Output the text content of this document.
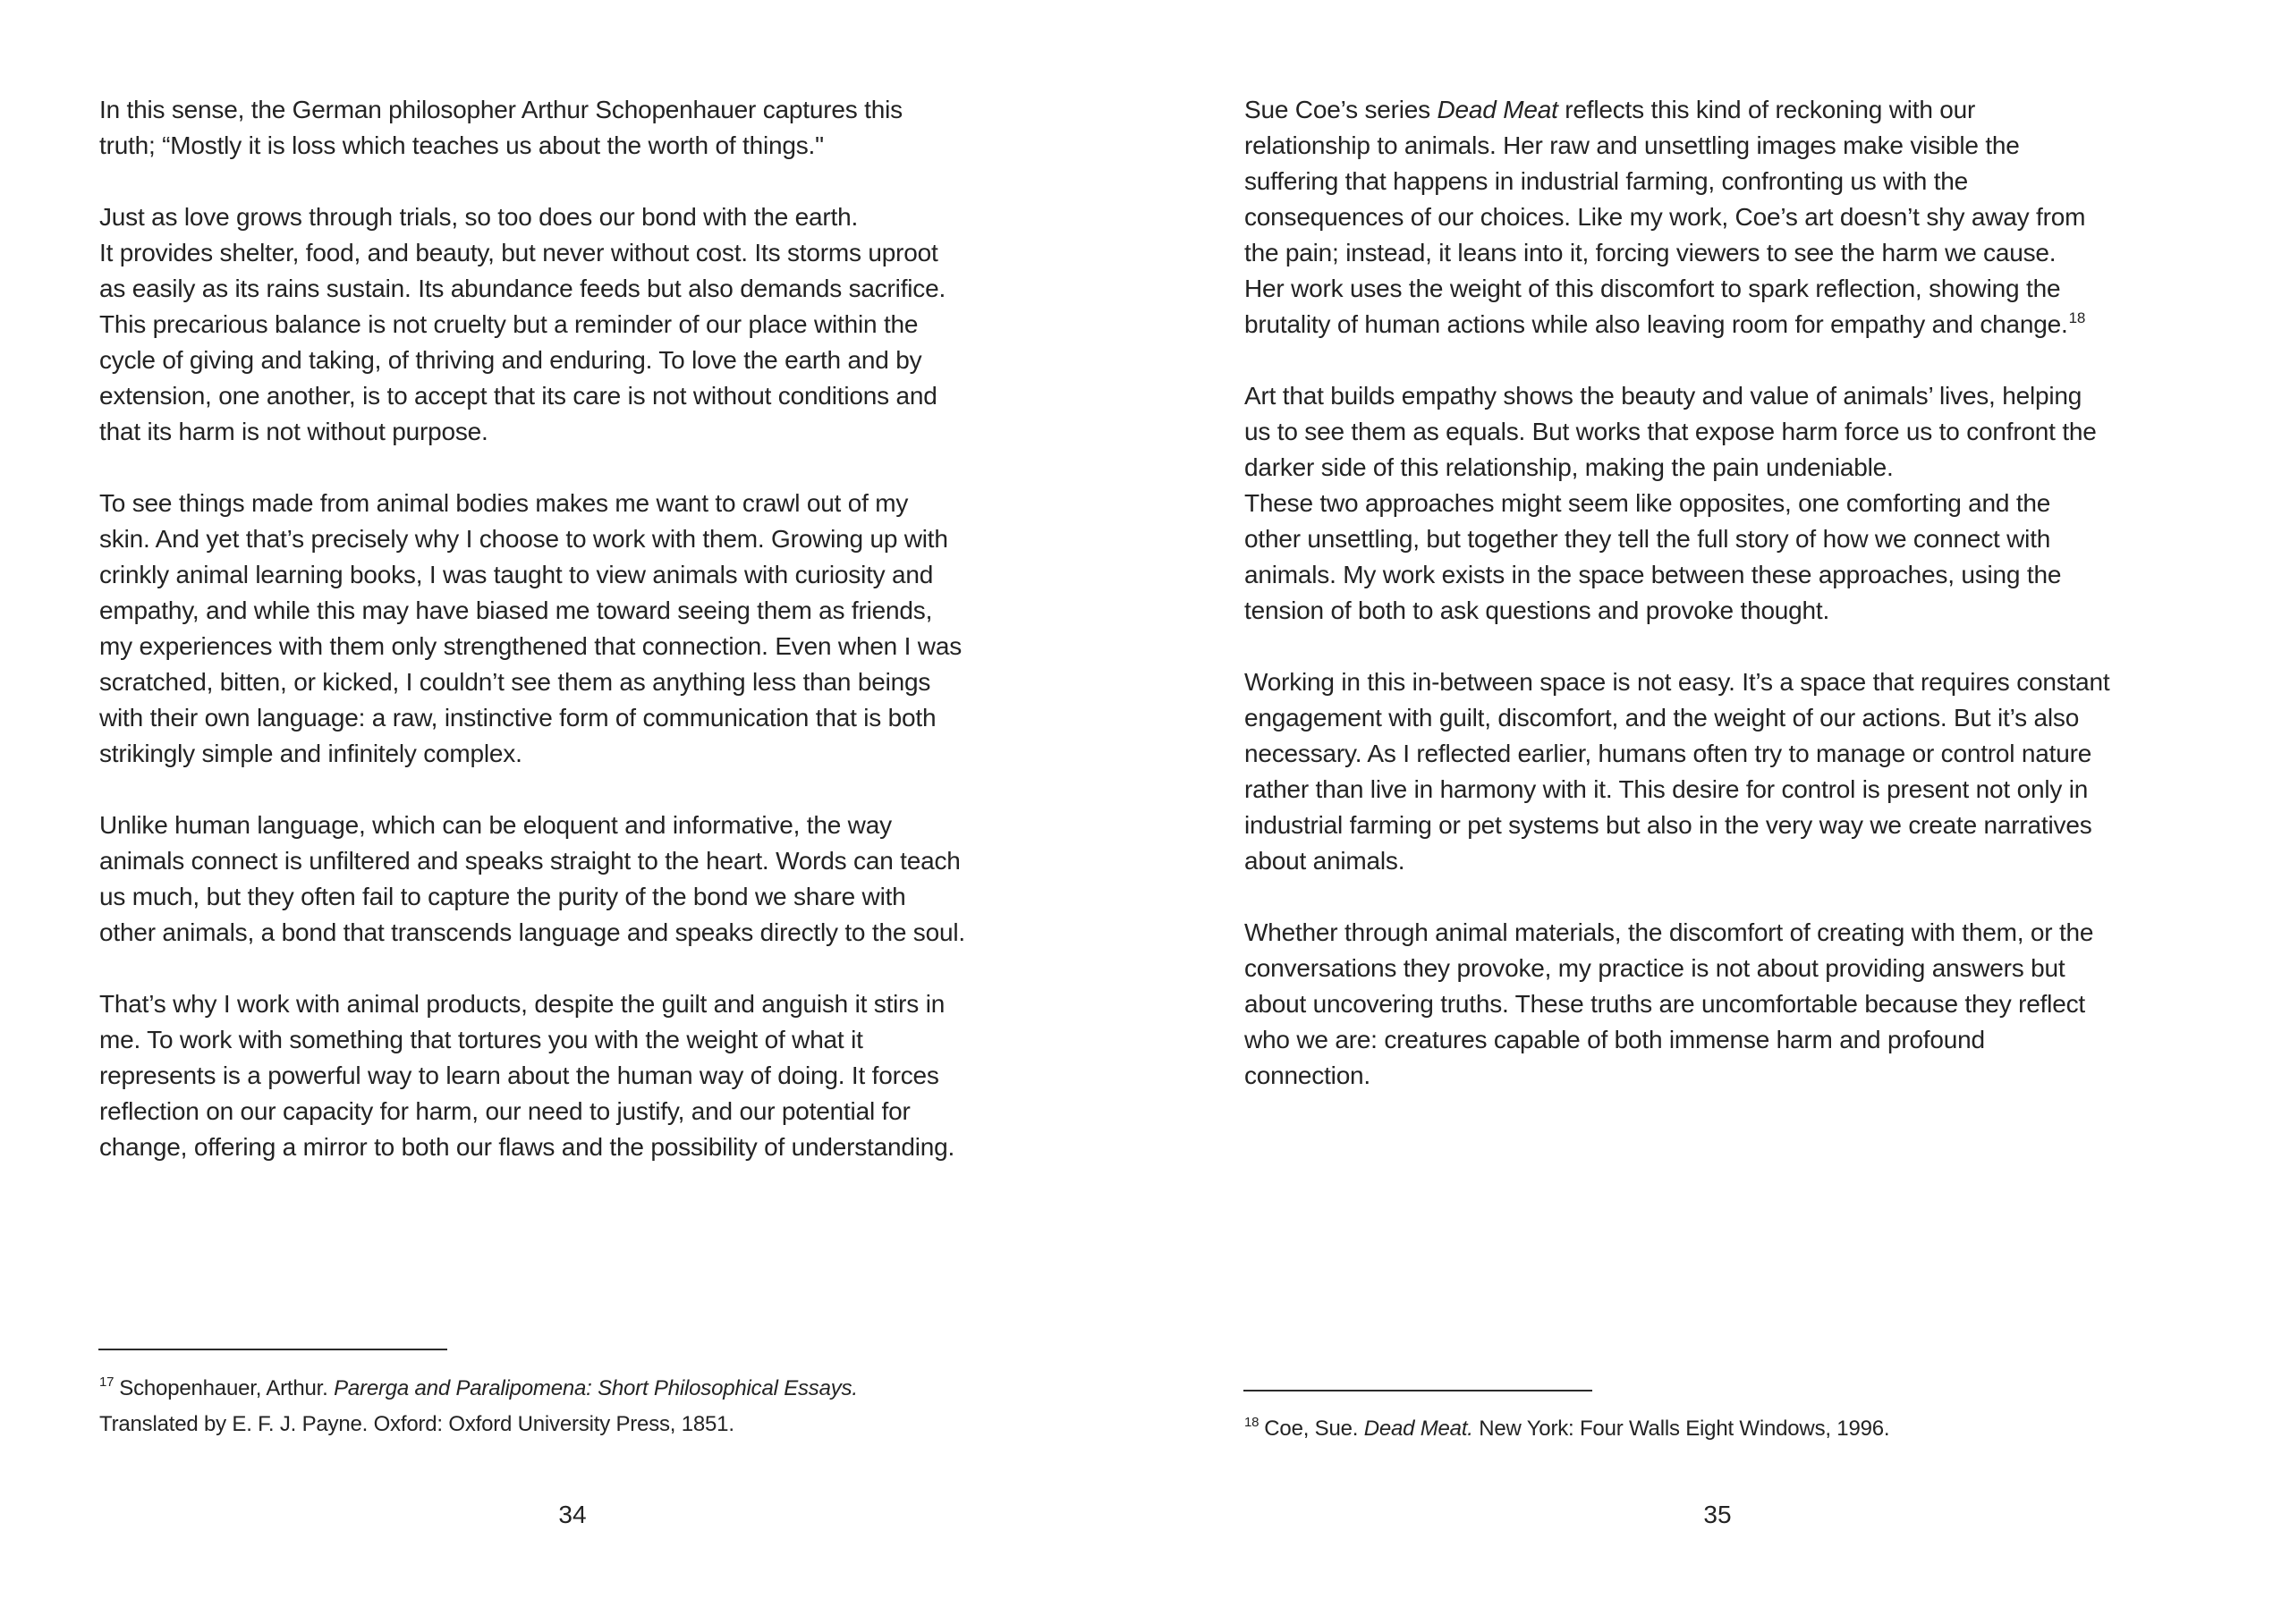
In this sense, the German philosopher Arthur Schopenhauer captures this
truth; “Mostly it is loss which teaches us about the worth of things."
Just as love grows through trials, so too does our bond with the earth.
It provides shelter, food, and beauty, but never without cost. Its storms uproot
as easily as its rains sustain. Its abundance feeds but also demands sacrifice.
This precarious balance is not cruelty but a reminder of our place within the
cycle of giving and taking, of thriving and enduring. To love the earth and by
extension, one another, is to accept that its care is not without conditions and
that its harm is not without purpose.
To see things made from animal bodies makes me want to crawl out of my
skin. And yet that’s precisely why I choose to work with them. Growing up with
crinkly animal learning books, I was taught to view animals with curiosity and
empathy, and while this may have biased me toward seeing them as friends,
my experiences with them only strengthened that connection. Even when I was
scratched, bitten, or kicked, I couldn’t see them as anything less than beings
with their own language: a raw, instinctive form of communication that is both
strikingly simple and infinitely complex.
Unlike human language, which can be eloquent and informative, the way
animals connect is unfiltered and speaks straight to the heart. Words can teach
us much, but they often fail to capture the purity of the bond we share with
other animals, a bond that transcends language and speaks directly to the soul.
That’s why I work with animal products, despite the guilt and anguish it stirs in
me. To work with something that tortures you with the weight of what it
represents is a powerful way to learn about the human way of doing. It forces
reflection on our capacity for harm, our need to justify, and our potential for
change, offering a mirror to both our flaws and the possibility of understanding.
$^{17}$ Schopenhauer, Arthur. Parerga and Paralipomena: Short Philosophical Essays.
Translated by E. F. J. Payne. Oxford: Oxford University Press, 1851.
34
Sue Coe’s series Dead Meat reflects this kind of reckoning with our
relationship to animals. Her raw and unsettling images make visible the
suffering that happens in industrial farming, confronting us with the
consequences of our choices. Like my work, Coe’s art doesn’t shy away from
the pain; instead, it leans into it, forcing viewers to see the harm we cause.
Her work uses the weight of this discomfort to spark reflection, showing the
brutality of human actions while also leaving room for empathy and change.$^{18}$
Art that builds empathy shows the beauty and value of animals’ lives, helping
us to see them as equals. But works that expose harm force us to confront the
darker side of this relationship, making the pain undeniable.
These two approaches might seem like opposites, one comforting and the
other unsettling, but together they tell the full story of how we connect with
animals. My work exists in the space between these approaches, using the
tension of both to ask questions and provoke thought.
Working in this in-between space is not easy. It’s a space that requires constant
engagement with guilt, discomfort, and the weight of our actions. But it’s also
necessary. As I reflected earlier, humans often try to manage or control nature
rather than live in harmony with it. This desire for control is present not only in
industrial farming or pet systems but also in the very way we create narratives
about animals.
Whether through animal materials, the discomfort of creating with them, or the
conversations they provoke, my practice is not about providing answers but
about uncovering truths. These truths are uncomfortable because they reflect
who we are: creatures capable of both immense harm and profound
connection.
$^{18}$ Coe, Sue. Dead Meat. New York: Four Walls Eight Windows, 1996.
35
